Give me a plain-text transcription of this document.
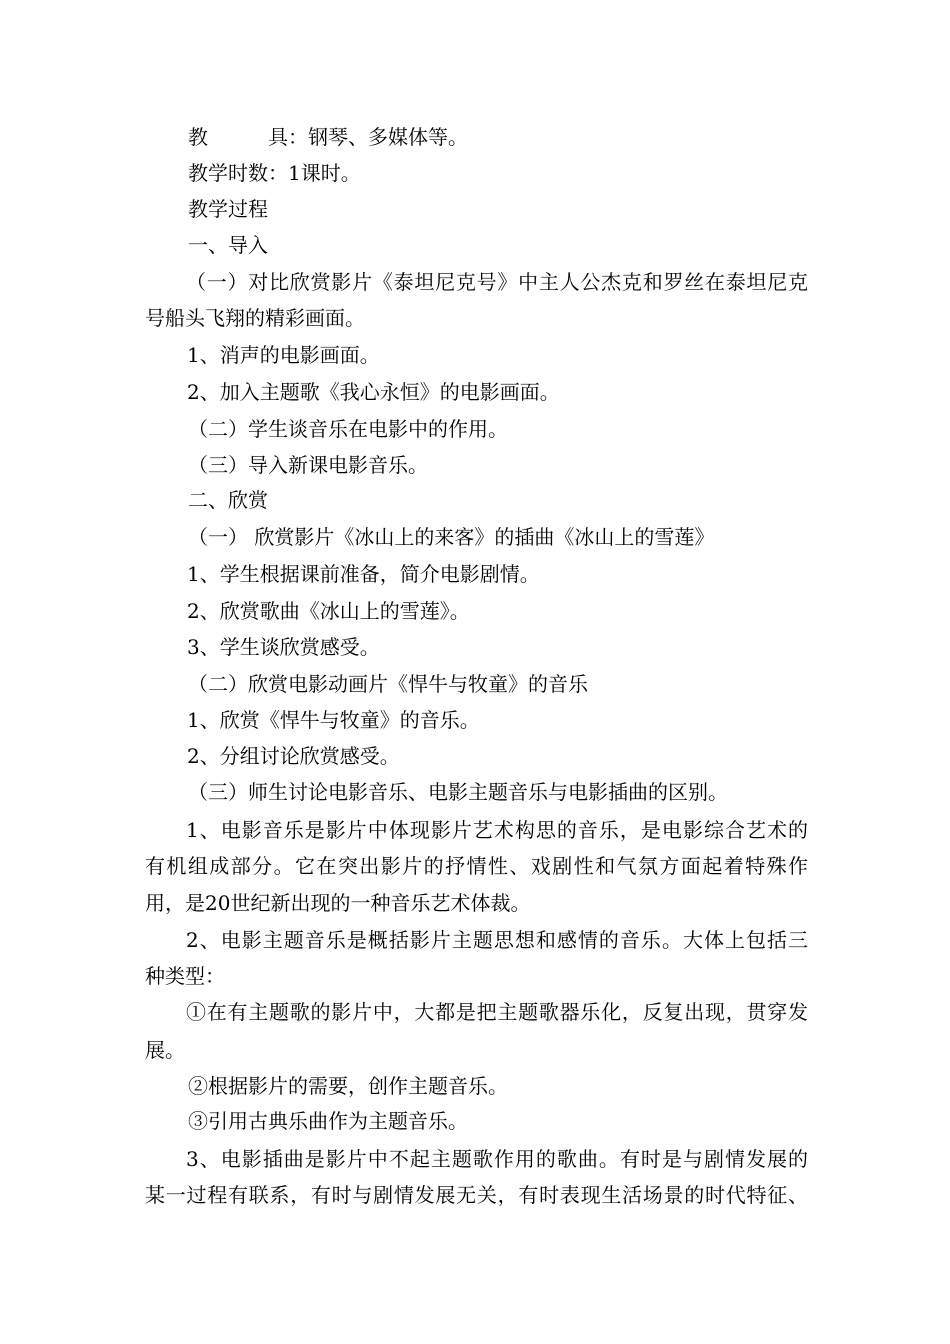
教　　　具：钢琴、多媒体等。
教学时数：1课时。
教学过程
一、导入
（一）对比欣赏影片《泰坦尼克号》中主人公杰克和罗丝在泰坦尼克
号船头飞翔的精彩画面。
1、消声的电影画面。
2、加入主题歌《我心永恒》的电影画面。
（二）学生谈音乐在电影中的作用。
（三）导入新课电影音乐。
二、欣赏
（一） 欣赏影片《冰山上的来客》的插曲《冰山上的雪莲》
1、学生根据课前准备，简介电影剧情。
2、欣赏歌曲《冰山上的雪莲》。
3、学生谈欣赏感受。
（二）欣赏电影动画片《悍牛与牧童》的音乐
1、欣赏《悍牛与牧童》的音乐。
2、分组讨论欣赏感受。
（三）师生讨论电影音乐、电影主题音乐与电影插曲的区别。
1、电影音乐是影片中体现影片艺术构思的音乐，是电影综合艺术的
有机组成部分。它在突出影片的抒情性、戏剧性和气氛方面起着特殊作
用，是20世纪新出现的一种音乐艺术体裁。
2、电影主题音乐是概括影片主题思想和感情的音乐。大体上包括三
种类型：
①在有主题歌的影片中，大都是把主题歌器乐化，反复出现，贯穿发
展。
②根据影片的需要，创作主题音乐。
③引用古典乐曲作为主题音乐。
3、电影插曲是影片中不起主题歌作用的歌曲。有时是与剧情发展的
某一过程有联系，有时与剧情发展无关，有时表现生活场景的时代特征、
